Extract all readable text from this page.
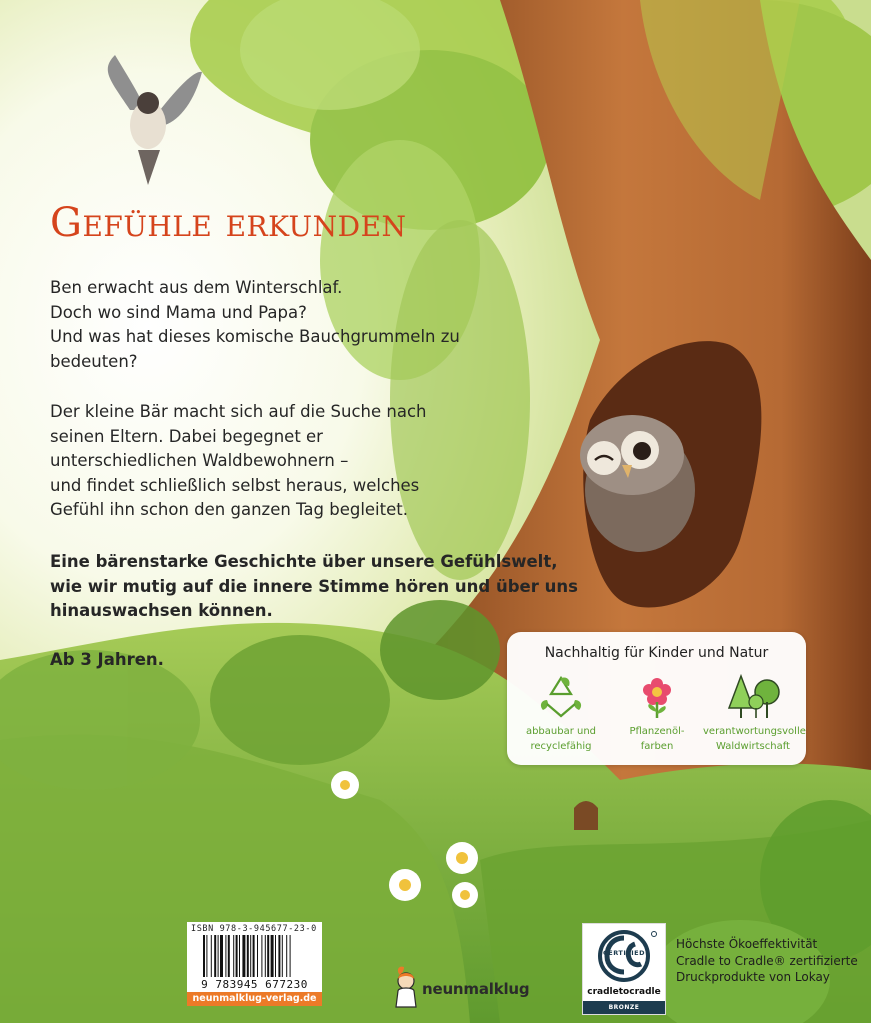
Gefühle erkunden

Ben erwacht aus dem Winterschlaf.
Doch wo sind Mama und Papa?
Und was hat dieses komische Bauchgrummeln zu
bedeuten?

Der kleine Bär macht sich auf die Suche nach
seinen Eltern. Dabei begegnet er
unterschiedlichen Waldbewohnern –
und findet schließlich selbst heraus, welches
Gefühl ihn schon den ganzen Tag begleitet.

Eine bärenstarke Geschichte über unsere Gefühlswelt,
wie wir mutig auf die innere Stimme hören und über uns
hinauswachsen können.

Ab 3 Jahren.	Nachhaltig für Kinder und Natur
abbaubar und
recyclefähig
Pflanzenöl-
farben
verantwortungsvolle
Waldwirtschaft
ISBN 978-3-945677-23-0
9 783945 677230
neunmalklug-verlag.de
neunmalklug
CERTIFIED
cradletocradle
BRONZE
Höchste Ökoeffektivität
Cradle to Cradle® zertifizierte
Druckprodukte von Lokay
